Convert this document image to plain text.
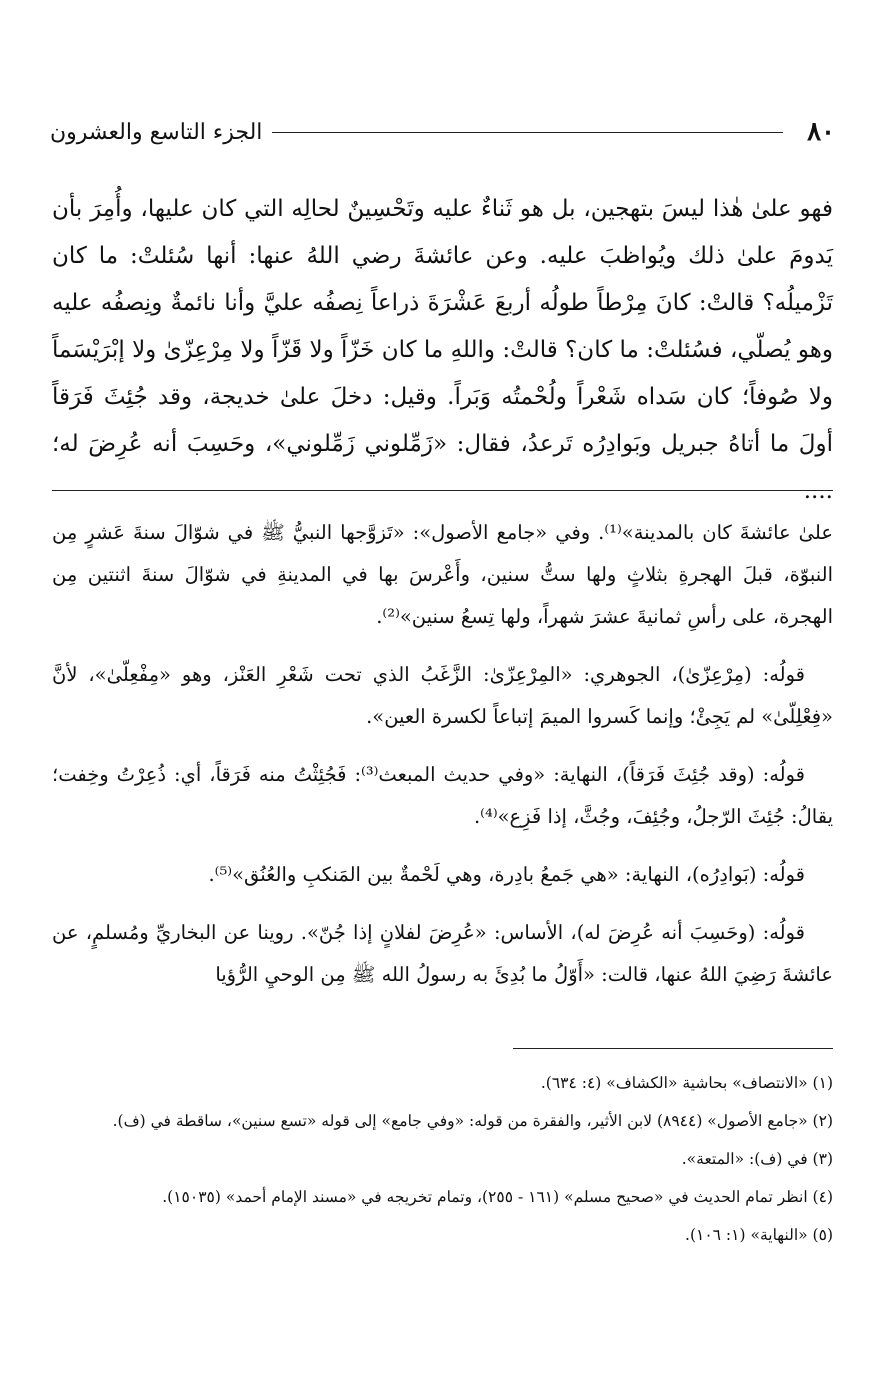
٨٠
الجزء التاسع والعشرون
فهو علىٰ هٰذا ليسَ بتهجين، بل هو ثَناءٌ عليه وتَحْسِينٌ لحالِه التي كان عليها، وأُمِرَ بأن يَدومَ علىٰ ذلك ويُواظبَ عليه. وعن عائشةَ رضي اللهُ عنها: أنها سُئلتْ: ما كان تَزْميلُه؟ قالتْ: كانَ مِرْطاً طولُه أربعَ عَشْرَةَ ذراعاً نِصفُه عليَّ وأنا نائمةٌ ونِصفُه عليه وهو يُصلّي، فسُئلتْ: ما كان؟ قالتْ: واللهِ ما كان خَزّاً ولا قَزّاً ولا مِرْعِزّىٰ ولا إبْرَيْسَماً ولا صُوفاً؛ كان سَداه شَعْراً ولُحْمتُه وَبَراً. وقيل: دخلَ علىٰ خديجة، وقد جُئِثَ فَرَقاً أولَ ما أتاهُ جبريل وبَوادِرُه تَرعدُ، فقال: «زَمِّلوني زَمِّلوني»، وحَسِبَ أنه عُرِضَ له؛ ....

علىٰ عائشةَ كان بالمدينة»⁽¹⁾. وفي «جامع الأصول»: «تَزوَّجها النبيُّ ﷺ في شوّالَ سنةَ عَشرٍ مِن النبوّة، قبلَ الهجرةِ بثلاثٍ ولها ستُّ سنين، وأَعْرسَ بها في المدينةِ في شوّالَ سنةَ اثنتين مِن الهجرة، على رأسِ ثمانيةَ عشرَ شهراً، ولها تِسعُ سنين»⁽²⁾.

قولُه: (مِرْعِزّىٰ)، الجوهري: «المِرْعِزّىٰ: الزَّغَبُ الذي تحت شَعْرِ العَنْز، وهو «مِفْعِلّىٰ»، لأنَّ «فِعْلِلّىٰ» لم يَجِئْ؛ وإنما كَسروا الميمَ إتباعاً لكسرة العين».

قولُه: (وقد جُئِثَ فَرَقاً)، النهاية: «وفي حديث المبعث⁽³⁾: فَجُئِثْتُ منه فَرَقاً، أي: ذُعِرْتُ وخِفت؛ يقالُ: جُئِثَ الرّجلُ، وجُئِفَ، وجُثَّ، إذا فَزِع»⁽⁴⁾.

قولُه: (بَوادِرُه)، النهاية: «هي جَمعُ بادِرة، وهي لَحْمةٌ بين المَنكبِ والعُنُق»⁽⁵⁾.

قولُه: (وحَسِبَ أنه عُرِضَ له)، الأساس: «عُرِضَ لفلانٍ إذا جُنّ». روينا عن البخاريِّ ومُسلمٍ، عن عائشةَ رَضِيَ اللهُ عنها، قالت: «أَوّلُ ما بُدِئَ به رسولُ الله ﷺ مِن الوحيِ الرُّؤيا

(١) «الانتصاف» بحاشية «الكشاف» (٤: ٦٣٤).
(٢) «جامع الأصول» (٨٩٤٤) لابن الأثير، والفقرة من قوله: «وفي جامع» إلى قوله «تسع سنين»، ساقطة في (ف).
(٣) في (ف): «المتعة».
(٤) انظر تمام الحديث في «صحيح مسلم» (١٦١ - ٢٥٥)، وتمام تخريجه في «مسند الإمام أحمد» (١٥٠٣٥).
(٥) «النهاية» (١: ١٠٦).
